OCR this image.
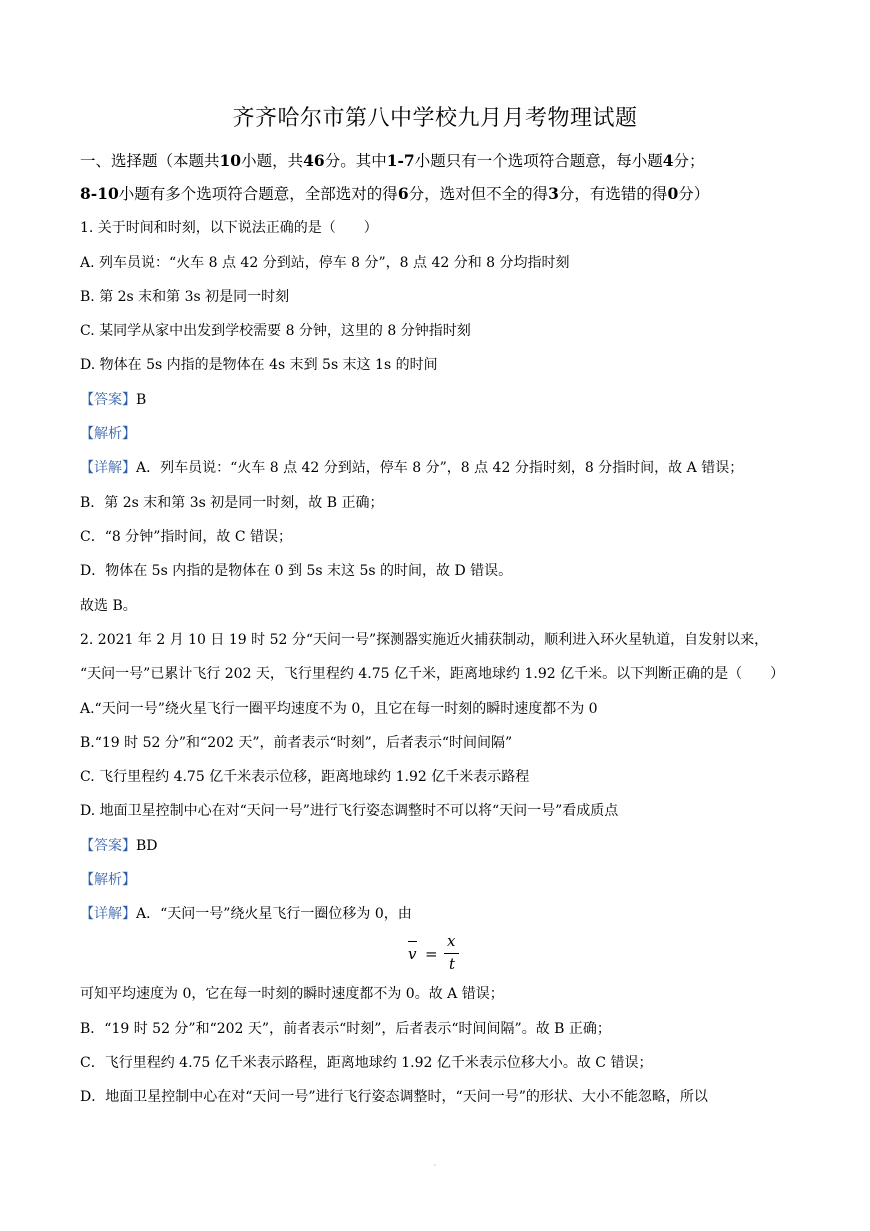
齐齐哈尔市第八中学校九月月考物理试题
一、选择题（本题共10小题，共46分。其中1-7小题只有一个选项符合题意，每小题4分；
8-10小题有多个选项符合题意，全部选对的得6分，选对但不全的得3分，有选错的得0分）
1. 关于时间和时刻，以下说法正确的是（　　）
A. 列车员说：“火车 8 点 42 分到站，停车 8 分”，8 点 42 分和 8 分均指时刻
B. 第 2s 末和第 3s 初是同一时刻
C. 某同学从家中出发到学校需要 8 分钟，这里的 8 分钟指时刻
D. 物体在 5s 内指的是物体在 4s 末到 5s 末这 1s 的时间
【答案】B
【解析】
【详解】A．列车员说：“火车 8 点 42 分到站，停车 8 分”，8 点 42 分指时刻，8 分指时间，故 A 错误；
B．第 2s 末和第 3s 初是同一时刻，故 B 正确；
C．“8 分钟”指时间，故 C 错误；
D．物体在 5s 内指的是物体在 0 到 5s 末这 5s 的时间，故 D 错误。
故选 B。
2. 2021 年 2 月 10 日 19 时 52 分“天问一号”探测器实施近火捕获制动，顺利进入环火星轨道，自发射以来，
“天问一号”已累计飞行 202 天，飞行里程约 4.75 亿千米，距离地球约 1.92 亿千米。以下判断正确的是（　　）
A.“天问一号”绕火星飞行一圈平均速度不为 0，且它在每一时刻的瞬时速度都不为 0
B.“19 时 52 分”和“202 天”，前者表示“时刻”，后者表示“时间间隔”
C. 飞行里程约 4.75 亿千米表示位移，距离地球约 1.92 亿千米表示路程
D. 地面卫星控制中心在对“天问一号”进行飞行姿态调整时不可以将“天问一号”看成质点
【答案】BD
【解析】
【详解】A．“天问一号”绕火星飞行一圈位移为 0，由
v =
x
t
可知平均速度为 0，它在每一时刻的瞬时速度都不为 0。故 A 错误；
B．“19 时 52 分”和“202 天”，前者表示“时刻”，后者表示“时间间隔”。故 B 正确；
C．飞行里程约 4.75 亿千米表示路程，距离地球约 1.92 亿千米表示位移大小。故 C 错误；
D．地面卫星控制中心在对“天问一号”进行飞行姿态调整时，“天问一号”的形状、大小不能忽略，所以
